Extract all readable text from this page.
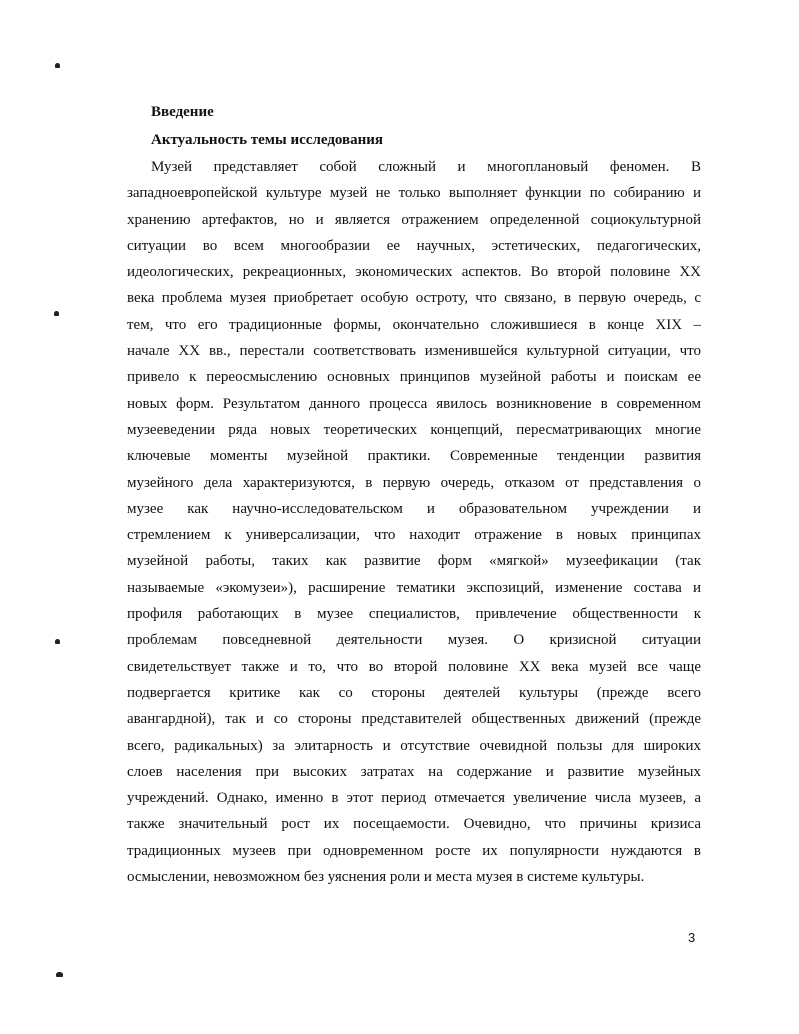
Введение
Актуальность темы исследования
Музей представляет собой сложный и многоплановый феномен. В
западноевропейской культуре музей не только выполняет функции по собиранию и
хранению артефактов, но и является отражением определенной социокультурной
ситуации во всем многообразии ее научных, эстетических, педагогических,
идеологических, рекреационных, экономических аспектов. Во второй половине XX
века проблема музея приобретает особую остроту, что связано, в первую очередь, с
тем, что его традиционные формы, окончательно сложившиеся в конце XIX –
начале XX вв., перестали соответствовать изменившейся культурной ситуации, что
привело к переосмыслению основных принципов музейной работы и поискам ее
новых форм. Результатом данного процесса явилось возникновение в современном
музееведении ряда новых теоретических концепций, пересматривающих многие
ключевые моменты музейной практики. Современные тенденции развития
музейного дела характеризуются, в первую очередь, отказом от представления о
музее как научно-исследовательском и образовательном учреждении и
стремлением к универсализации, что находит отражение в новых принципах
музейной работы, таких как развитие форм «мягкой» музеефикации (так
называемые «экомузеи»), расширение тематики экспозиций, изменение состава и
профиля работающих в музее специалистов, привлечение общественности к
проблемам повседневной деятельности музея. О кризисной ситуации
свидетельствует также и то, что во второй половине XX века музей все чаще
подвергается критике как со стороны деятелей культуры (прежде всего
авангардной), так и со стороны представителей общественных движений (прежде
всего, радикальных) за элитарность и отсутствие очевидной пользы для широких
слоев населения при высоких затратах на содержание и развитие музейных
учреждений. Однако, именно в этот период отмечается увеличение числа музеев, а
также значительный рост их посещаемости. Очевидно, что причины кризиса
традиционных музеев при одновременном росте их популярности нуждаются в
осмыслении, невозможном без уяснения роли и места музея в системе культуры.
3
